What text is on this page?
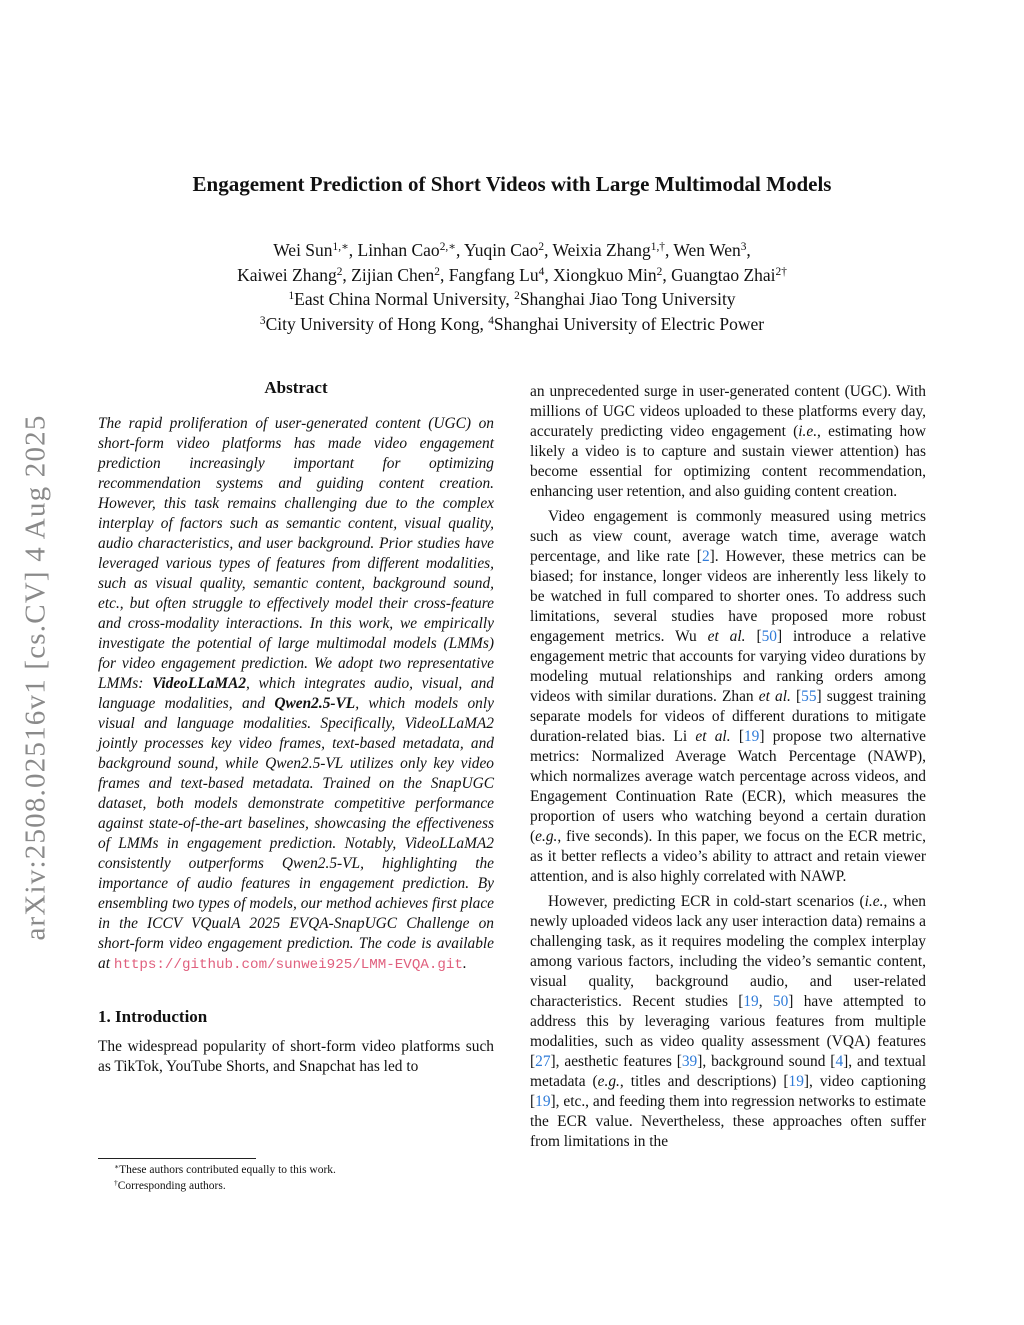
arXiv:2508.02516v1 [cs.CV] 4 Aug 2025
Engagement Prediction of Short Videos with Large Multimodal Models

Wei Sun$^{1,∗}$, Linhan Cao$^{2,∗}$, Yuqin Cao$^2$, Weixia Zhang$^{1,\dagger}$, Wen Wen$^3$,

Kaiwei Zhang$^2$, Zijian Chen$^2$, Fangfang Lu$^4$, Xiongkuo Min$^2$, Guangtao Zhai$^{2\dagger}$

$^1$East China Normal University, $^2$Shanghai Jiao Tong University

$^3$City University of Hong Kong, $^4$Shanghai University of Electric Power

Abstract

The rapid proliferation of user-generated content (UGC) on short-form video platforms has made video engagement prediction increasingly important for optimizing recommendation systems and guiding content creation. However, this task remains challenging due to the complex interplay of factors such as semantic content, visual quality, audio characteristics, and user background. Prior studies have leveraged various types of features from different modalities, such as visual quality, semantic content, background sound, etc., but often struggle to effectively model their cross-feature and cross-modality interactions. In this work, we empirically investigate the potential of large multimodal models (LMMs) for video engagement prediction. We adopt two representative LMMs: VideoLLaMA2, which integrates audio, visual, and language modalities, and Qwen2.5-VL, which models only visual and language modalities. Specifically, VideoLLaMA2 jointly processes key video frames, text-based metadata, and background sound, while Qwen2.5-VL utilizes only key video frames and text-based metadata. Trained on the SnapUGC dataset, both models demonstrate competitive performance against state-of-the-art baselines, showcasing the effectiveness of LMMs in engagement prediction. Notably, VideoLLaMA2 consistently outperforms Qwen2.5-VL, highlighting the importance of audio features in engagement prediction. By ensembling two types of models, our method achieves first place in the ICCV VQualA 2025 EVQA-SnapUGC Challenge on short-form video engagement prediction. The code is available at https://github.com/sunwei925/LMM-EVQA.git.

1. Introduction

The widespread popularity of short-form video platforms such as TikTok, YouTube Shorts, and Snapchat has led to

∗These authors contributed equally to this work.

†Corresponding authors.

an unprecedented surge in user-generated content (UGC). With millions of UGC videos uploaded to these platforms every day, accurately predicting video engagement (i.e., estimating how likely a video is to capture and sustain viewer attention) has become essential for optimizing content recommendation, enhancing user retention, and also guiding content creation.

Video engagement is commonly measured using metrics such as view count, average watch time, average watch percentage, and like rate [2]. However, these metrics can be biased; for instance, longer videos are inherently less likely to be watched in full compared to shorter ones. To address such limitations, several studies have proposed more robust engagement metrics. Wu et al. [50] introduce a relative engagement metric that accounts for varying video durations by modeling mutual relationships and ranking orders among videos with similar durations. Zhan et al. [55] suggest training separate models for videos of different durations to mitigate duration-related bias. Li et al. [19] propose two alternative metrics: Normalized Average Watch Percentage (NAWP), which normalizes average watch percentage across videos, and Engagement Continuation Rate (ECR), which measures the proportion of users who watching beyond a certain duration (e.g., five seconds). In this paper, we focus on the ECR metric, as it better reflects a video’s ability to attract and retain viewer attention, and is also highly correlated with NAWP.

However, predicting ECR in cold-start scenarios (i.e., when newly uploaded videos lack any user interaction data) remains a challenging task, as it requires modeling the complex interplay among various factors, including the video’s semantic content, visual quality, background audio, and user-related characteristics. Recent studies [19, 50] have attempted to address this by leveraging various features from multiple modalities, such as video quality assessment (VQA) features [27], aesthetic features [39], background sound [4], and textual metadata (e.g., titles and descriptions) [19], video captioning [19], etc., and feeding them into regression networks to estimate the ECR value. Nevertheless, these approaches often suffer from limitations in the
